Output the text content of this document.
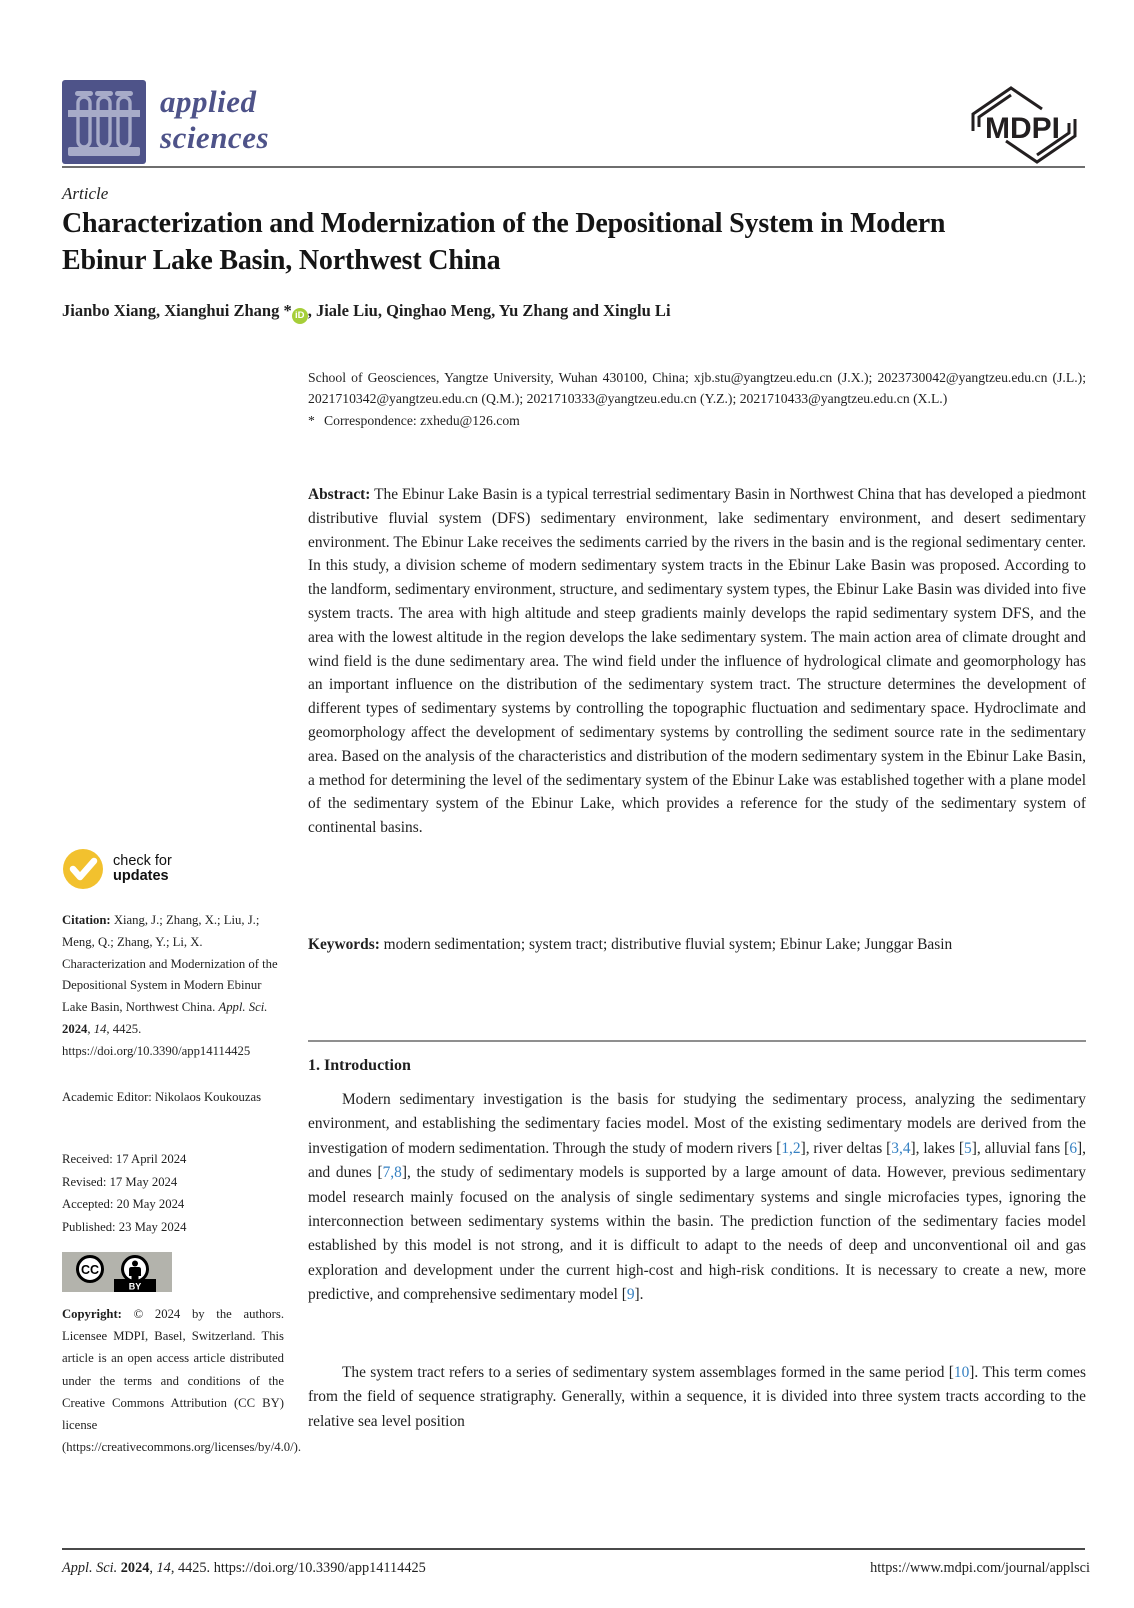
applied
sciences	MDPI
Article
Characterization and Modernization of the Depositional System in Modern Ebinur Lake Basin, Northwest China
Jianbo Xiang, Xianghui Zhang * iD , Jiale Liu, Qinghao Meng, Yu Zhang and Xinglu Li
School of Geosciences, Yangtze University, Wuhan 430100, China; xjb.stu@yangtzeu.edu.cn (J.X.); 2023730042@yangtzeu.edu.cn (J.L.); 2021710342@yangtzeu.edu.cn (Q.M.); 2021710333@yangtzeu.edu.cn (Y.Z.); 2021710433@yangtzeu.edu.cn (X.L.)
* Correspondence: zxhedu@126.com
Abstract: The Ebinur Lake Basin is a typical terrestrial sedimentary Basin in Northwest China that has developed a piedmont distributive fluvial system (DFS) sedimentary environment, lake sedimentary environment, and desert sedimentary environment. The Ebinur Lake receives the sediments carried by the rivers in the basin and is the regional sedimentary center. In this study, a division scheme of modern sedimentary system tracts in the Ebinur Lake Basin was proposed. According to the landform, sedimentary environment, structure, and sedimentary system types, the Ebinur Lake Basin was divided into five system tracts. The area with high altitude and steep gradients mainly develops the rapid sedimentary system DFS, and the area with the lowest altitude in the region develops the lake sedimentary system. The main action area of climate drought and wind field is the dune sedimentary area. The wind field under the influence of hydrological climate and geomorphology has an important influence on the distribution of the sedimentary system tract. The structure determines the development of different types of sedimentary systems by controlling the topographic fluctuation and sedimentary space. Hydroclimate and geomorphology affect the development of sedimentary systems by controlling the sediment source rate in the sedimentary area. Based on the analysis of the characteristics and distribution of the modern sedimentary system in the Ebinur Lake Basin, a method for determining the level of the sedimentary system of the Ebinur Lake was established together with a plane model of the sedimentary system of the Ebinur Lake, which provides a reference for the study of the sedimentary system of continental basins.
Keywords: modern sedimentation; system tract; distributive fluvial system; Ebinur Lake; Junggar Basin
1. Introduction
Modern sedimentary investigation is the basis for studying the sedimentary process, analyzing the sedimentary environment, and establishing the sedimentary facies model. Most of the existing sedimentary models are derived from the investigation of modern sedimentation. Through the study of modern rivers [1,2], river deltas [3,4], lakes [5], alluvial fans [6], and dunes [7,8], the study of sedimentary models is supported by a large amount of data. However, previous sedimentary model research mainly focused on the analysis of single sedimentary systems and single microfacies types, ignoring the interconnection between sedimentary systems within the basin. The prediction function of the sedimentary facies model established by this model is not strong, and it is difficult to adapt to the needs of deep and unconventional oil and gas exploration and development under the current high-cost and high-risk conditions. It is necessary to create a new, more predictive, and comprehensive sedimentary model [9].
The system tract refers to a series of sedimentary system assemblages formed in the same period [10]. This term comes from the field of sequence stratigraphy. Generally, within a sequence, it is divided into three system tracts according to the relative sea level position
check for
updates
Citation: Xiang, J.; Zhang, X.; Liu, J.; Meng, Q.; Zhang, Y.; Li, X. Characterization and Modernization of the Depositional System in Modern Ebinur Lake Basin, Northwest China. Appl. Sci. 2024, 14, 4425. https://doi.org/10.3390/app14114425
Academic Editor: Nikolaos Koukouzas
Received: 17 April 2024
Revised: 17 May 2024
Accepted: 20 May 2024
Published: 23 May 2024
CC
BY
Copyright: © 2024 by the authors. Licensee MDPI, Basel, Switzerland. This article is an open access article distributed under the terms and conditions of the Creative Commons Attribution (CC BY) license (https://creativecommons.org/licenses/by/4.0/).
Appl. Sci. 2024, 14, 4425. https://doi.org/10.3390/app14114425	https://www.mdpi.com/journal/applsci
